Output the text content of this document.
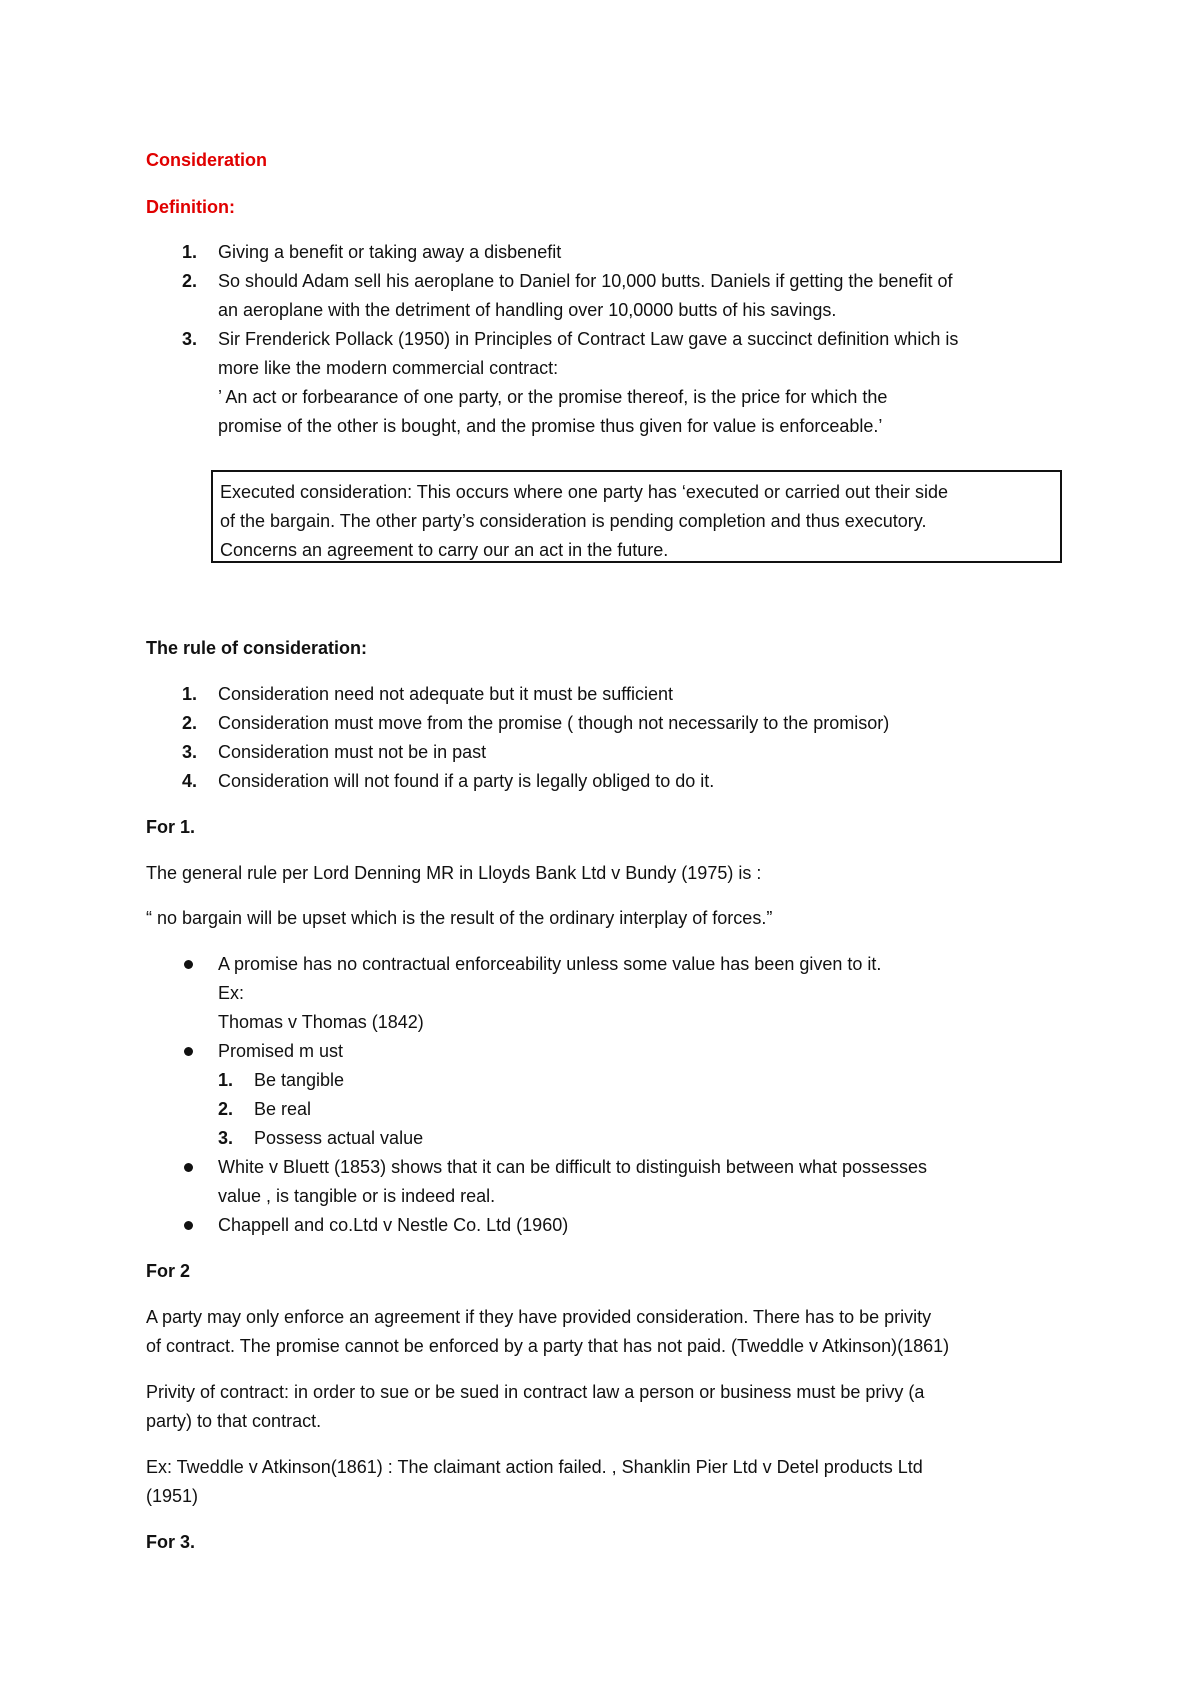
Consideration
Definition:
1. Giving a benefit or taking away a disbenefit
2. So should Adam sell his aeroplane to Daniel for 10,000 butts. Daniels if getting the benefit of
an aeroplane with the detriment of handling over 10,0000 butts of his savings.
3. Sir Frenderick Pollack (1950) in Principles of Contract Law gave a succinct definition which is
more like the modern commercial contract:
’ An act or forbearance of one party, or the promise thereof, is the price for which the
promise of the other is bought, and the promise thus given for value is enforceable.’
Executed consideration: This occurs where one party has ‘executed or carried out their side
of the bargain. The other party’s consideration is pending completion and thus executory.
Concerns an agreement to carry our an act in the future.
The rule of consideration:
1. Consideration need not adequate but it must be sufficient
2. Consideration must move from the promise ( though not necessarily to the promisor)
3. Consideration must not be in past
4. Consideration will not found if a party is legally obliged to do it.
For 1.
The general rule per Lord Denning MR in Lloyds Bank Ltd v Bundy (1975) is :
“ no bargain will be upset which is the result of the ordinary interplay of forces.”
A promise has no contractual enforceability unless some value has been given to it.
Ex:
Thomas v Thomas (1842)
Promised m ust
1. Be tangible
2. Be real
3. Possess actual value
White v Bluett (1853) shows that it can be difficult to distinguish between what possesses
value , is tangible or is indeed real.
Chappell and co.Ltd v Nestle Co. Ltd (1960)
For 2
A party may only enforce an agreement if they have provided consideration. There has to be privity
of contract. The promise cannot be enforced by a party that has not paid. (Tweddle v Atkinson)(1861)
Privity of contract: in order to sue or be sued in contract law a person or business must be privy (a
party) to that contract.
Ex: Tweddle v Atkinson(1861) : The claimant action failed. , Shanklin Pier Ltd v Detel products Ltd
(1951)
For 3.
